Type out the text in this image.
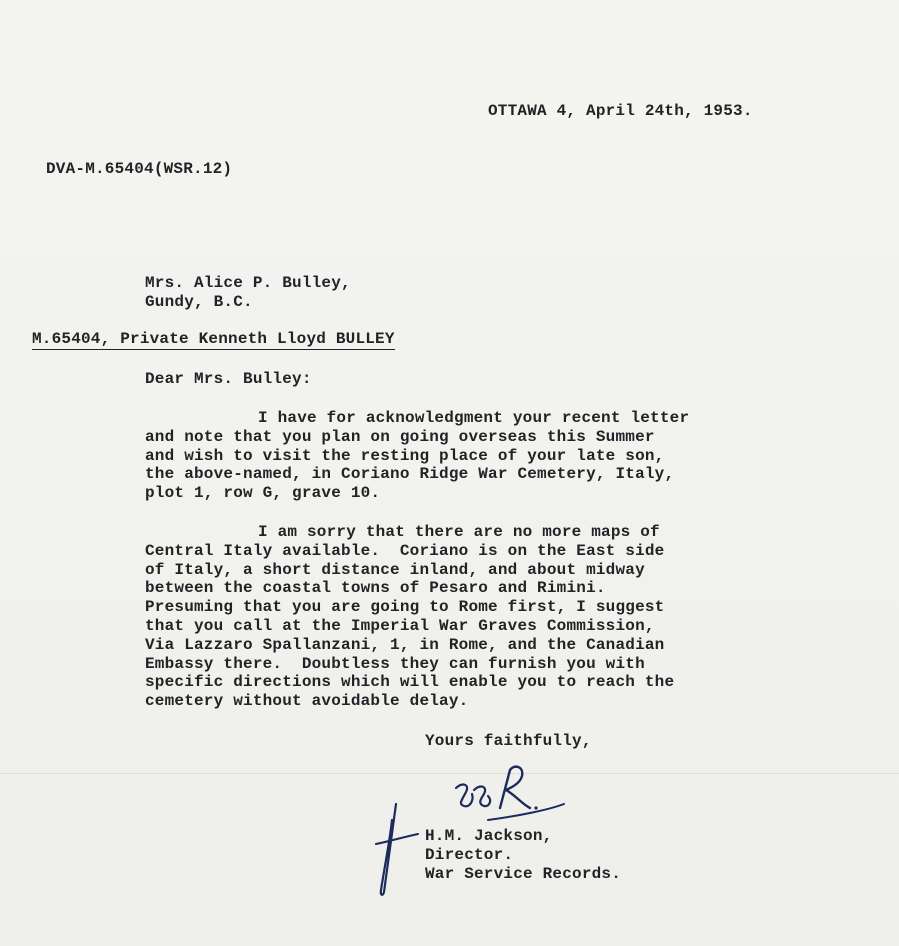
OTTAWA 4, April 24th, 1953.
DVA-M.65404(WSR.12)
Mrs. Alice P. Bulley,
Gundy, B.C.
M.65404, Private Kenneth Lloyd BULLEY
Dear Mrs. Bulley:
I have for acknowledgment your recent letter
and note that you plan on going overseas this Summer
and wish to visit the resting place of your late son,
the above-named, in Coriano Ridge War Cemetery, Italy,
plot 1, row G, grave 10.
I am sorry that there are no more maps of
Central Italy available.  Coriano is on the East side
of Italy, a short distance inland, and about midway
between the coastal towns of Pesaro and Rimini.
Presuming that you are going to Rome first, I suggest
that you call at the Imperial War Graves Commission,
Via Lazzaro Spallanzani, 1, in Rome, and the Canadian
Embassy there.  Doubtless they can furnish you with
specific directions which will enable you to reach the
cemetery without avoidable delay.
Yours faithfully,
H.M. Jackson,
Director.
War Service Records.
